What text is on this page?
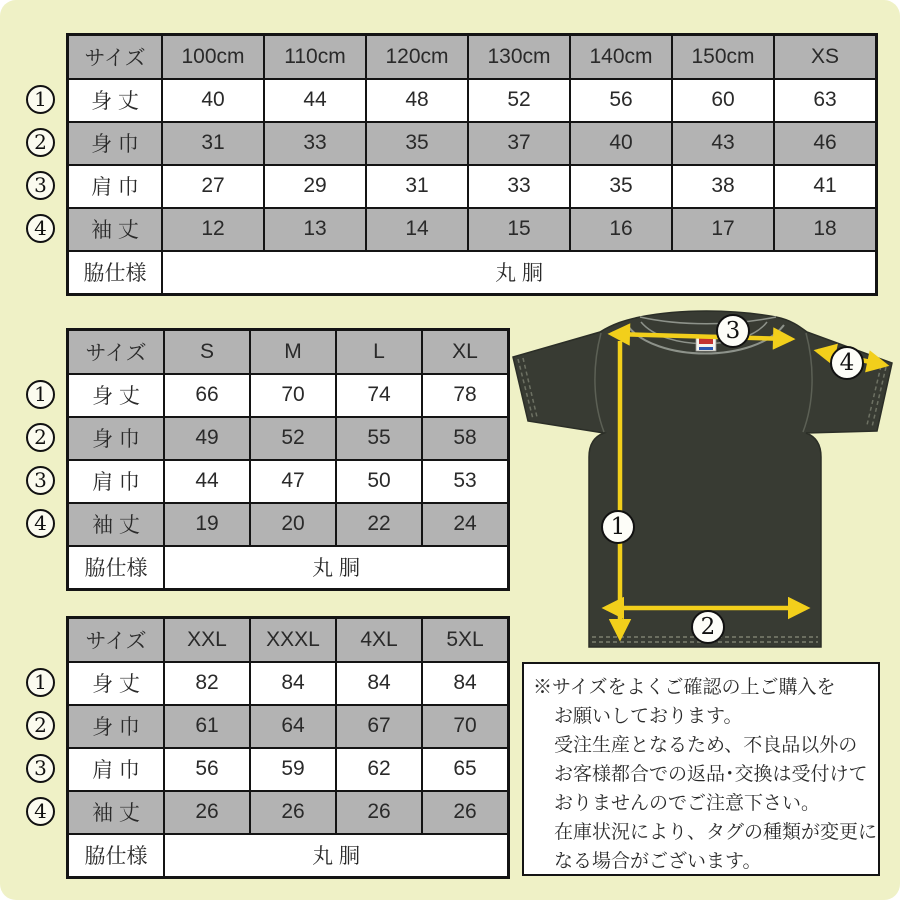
1
2
3
4
サイズ	100cm	110cm	120cm	130cm	140cm	150cm	XS
身 丈	40	44	48	52	56	60	63
身 巾	31	33	35	37	40	43	46
肩 巾	27	29	31	33	35	38	41
袖 丈	12	13	14	15	16	17	18
脇仕様	丸 胴						
1
2
3
4
サイズ	S	M	L	XL
身 丈	66	70	74	78
身 巾	49	52	55	58
肩 巾	44	47	50	53
袖 丈	19	20	22	24
脇仕様	丸 胴			
1
2
3
4
サイズ	XXL	XXXL	4XL	5XL
身 丈	82	84	84	84
身 巾	61	64	67	70
肩 巾	56	59	62	65
袖 丈	26	26	26	26
脇仕様	丸 胴			
1
2
3
4

※サイズをよくご確認の上ご購入を

お願いしております。

受注生産となるため、不良品以外の

お客様都合での返品･交換は受付けて

おりませんのでご注意下さい。

在庫状況により、タグの種類が変更に

なる場合がございます。
